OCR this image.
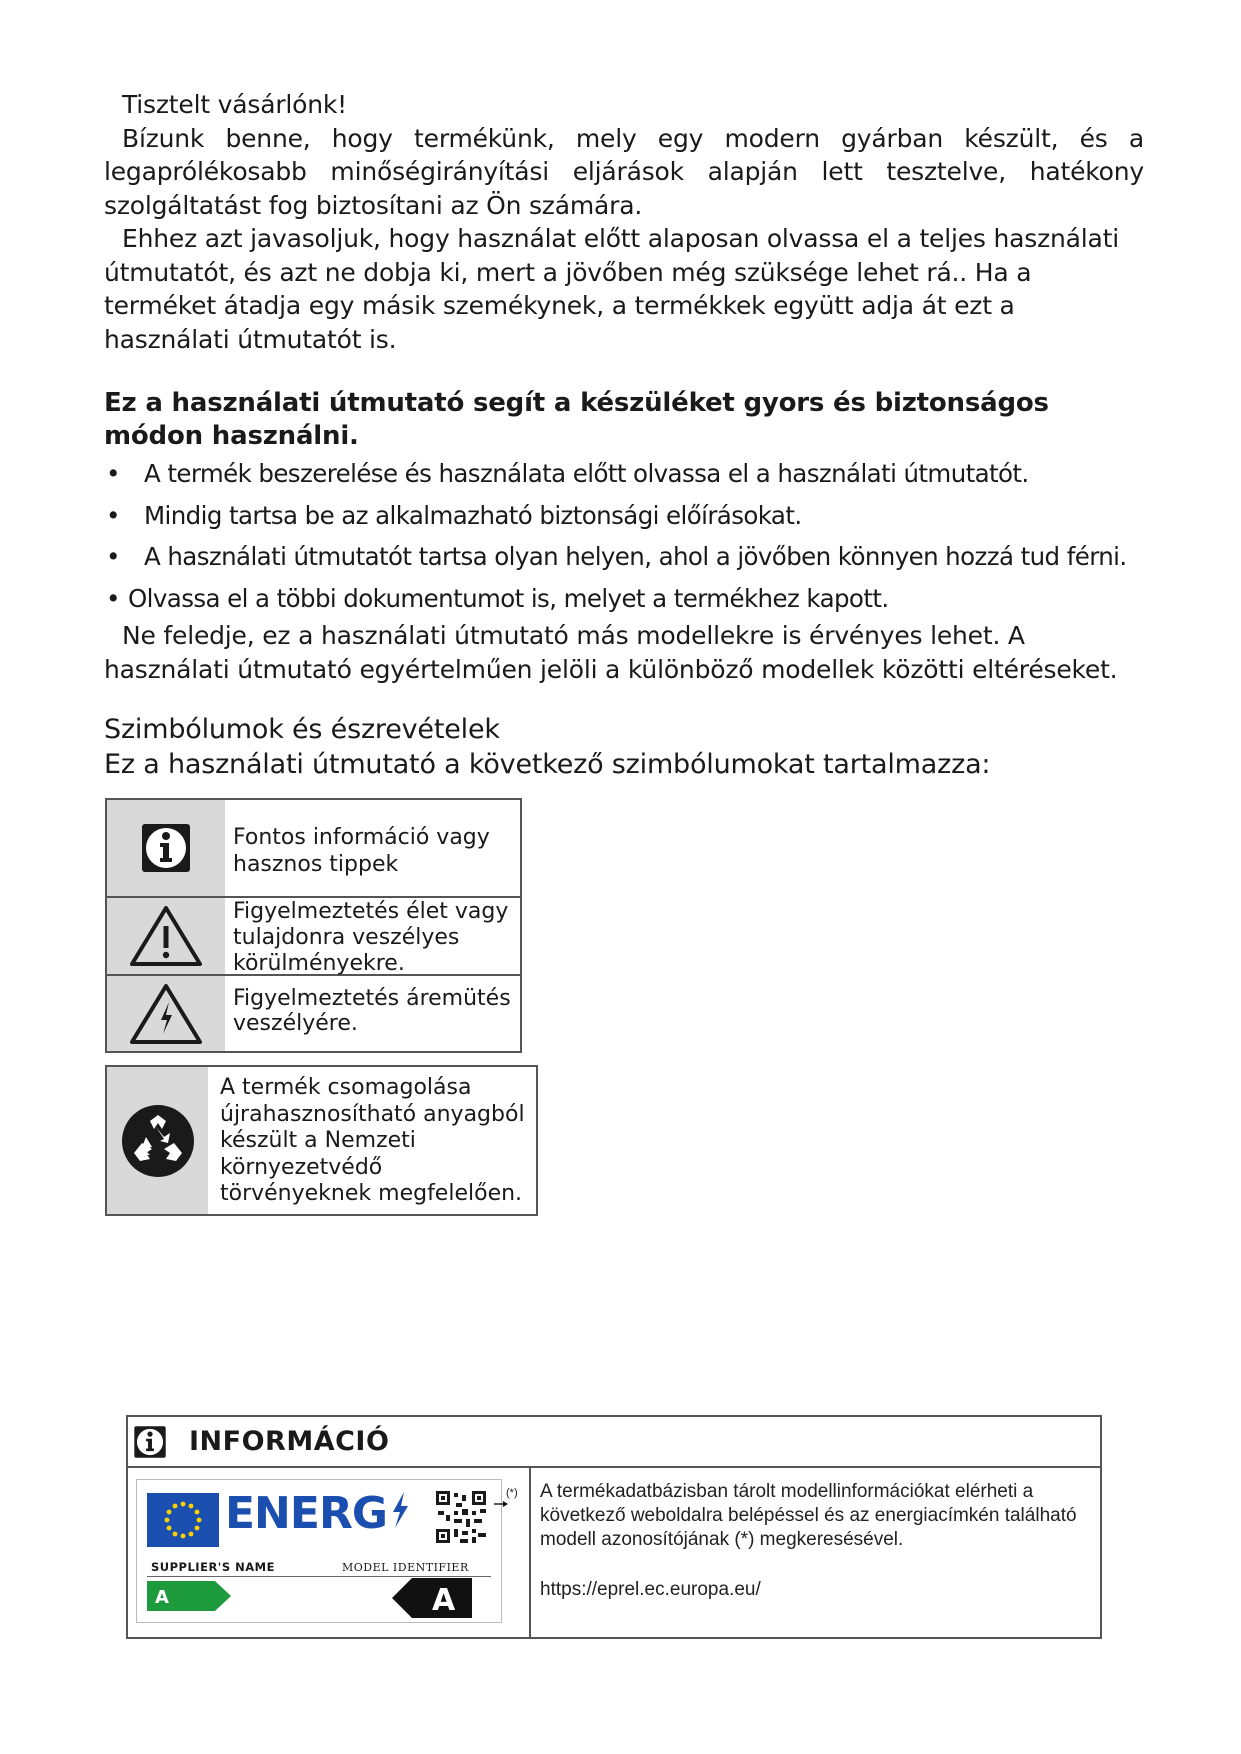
Tisztelt vásárlónk!

Bízunk benne, hogy termékünk, mely egy modern gyárban készült, és a legaprólékosabb minőségirányítási eljárások alapján lett tesztelve, hatékony szolgáltatást fog biztosítani az Ön számára.

Ehhez azt javasoljuk, hogy használat előtt alaposan olvassa el a teljes használati útmutatót, és azt ne dobja ki, mert a jövőben még szüksége lehet rá.. Ha a terméket átadja egy másik szemékynek, a termékkek együtt adja át ezt a használati útmutatót is.

Ez a használati útmutató segít a készüléket gyors és biztonságos módon használni.

• A termék beszerelése és használata előtt olvassa el a használati útmutatót.
• Mindig tartsa be az alkalmazható biztonsági előírásokat.
• A használati útmutatót tartsa olyan helyen, ahol a jövőben könnyen hozzá tud férni.
• Olvassa el a többi dokumentumot is, melyet a termékhez kapott.

Ne feledje, ez a használati útmutató más modellekre is érvényes lehet. A használati útmutató egyértelműen jelöli a különböző modellek közötti eltéréseket.

Szimbólumok és észrevételek

Ez a használati útmutató a következő szimbólumokat tartalmazza:

Fontos információ vagy hasznos tippek
Figyelmeztetés élet vagy tulajdonra veszélyes körülményekre.
Figyelmeztetés áremütés veszélyére.
A termék csomagolása újrahasznosítható anyagból készült a Nemzeti környezetvédő törvényeknek megfelelően.
INFORMÁCIÓ
ENERG
SUPPLIER'S NAME	MODEL IDENTIFIER
A	A
(*) A termékadatbázisban tárolt modellinformációkat elérheti a következő weboldalra belépéssel és az energiacímkén található modell azonosítójának (*) megkeresésével.
https://eprel.ec.europa.eu/
